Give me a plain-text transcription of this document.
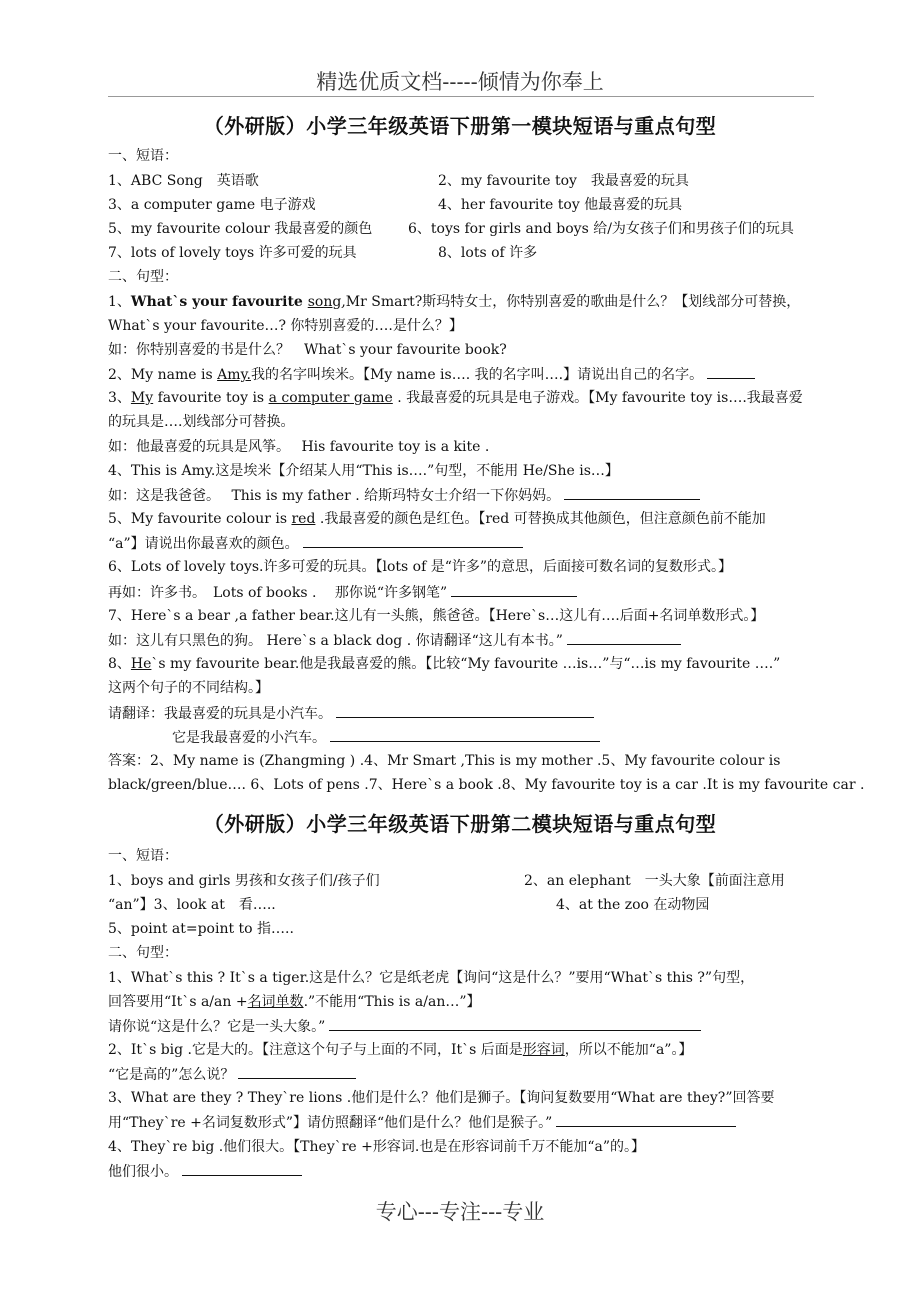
精选优质文档-----倾情为你奉上
（外研版）小学三年级英语下册第一模块短语与重点句型
一、短语：
1、ABC Song　英语歌	2、my favourite toy　我最喜爱的玩具
3、a computer game 电子游戏	4、her favourite toy 他最喜爱的玩具
5、my favourite colour 我最喜爱的颜色	6、toys for girls and boys 给/为女孩子们和男孩子们的玩具
7、lots of lovely toys 许多可爱的玩具	8、lots of 许多
二、句型：
1、What`s your favourite song,Mr Smart?斯玛特女士，你特别喜爱的歌曲是什么？【划线部分可替换，
What`s your favourite…? 你特别喜爱的….是什么？】
如：你特别喜爱的书是什么？　What`s your favourite book?
2、My name is Amy.我的名字叫埃米。【My name is…. 我的名字叫….】请说出自己的名字。
3、My favourite toy is a computer game . 我最喜爱的玩具是电子游戏。【My favourite toy is….我最喜爱
的玩具是….划线部分可替换。
如：他最喜爱的玩具是风筝。　 His favourite toy is a kite .
4、This is Amy.这是埃米【介绍某人用“This is….”句型，不能用 He/She is…】
如：这是我爸爸。　 This is my father . 给斯玛特女士介绍一下你妈妈。
5、My favourite colour is red .我最喜爱的颜色是红色。【red 可替换成其他颜色，但注意颜色前不能加
“a”】请说出你最喜欢的颜色。
6、Lots of lovely toys.许多可爱的玩具。【lots of 是“许多”的意思，后面接可数名词的复数形式。】
再如：许多书。　Lots of books .　 那你说“许多钢笔”
7、Here`s a bear ,a father bear.这儿有一头熊，熊爸爸。【Here`s…这儿有….后面+名词单数形式。】
如：这儿有只黑色的狗。 Here`s a black dog . 你请翻译“这儿有本书。”
8、He`s my favourite bear.他是我最喜爱的熊。【比较“My favourite …is…”与“…is my favourite ….”
这两个句子的不同结构。】
请翻译：我最喜爱的玩具是小汽车。
它是我最喜爱的小汽车。
答案：2、My name is (Zhangming ) .4、Mr Smart ,This is my mother .5、My favourite colour is
black/green/blue…. 6、Lots of pens .7、Here`s a book .8、My favourite toy is a car .It is my favourite car .
（外研版）小学三年级英语下册第二模块短语与重点句型
一、短语：
1、boys and girls 男孩和女孩子们/孩子们	2、an elephant　一头大象【前面注意用
“an”】3、look at　看…..	4、at the zoo 在动物园
5、point at=point to 指…..
二、句型：
1、What`s this ? It`s a tiger.这是什么？它是纸老虎【询问“这是什么？”要用“What`s this ?”句型，
回答要用“It`s a/an +名词单数.”不能用“This is a/an…”】
请你说“这是什么？它是一头大象。”
2、It`s big .它是大的。【注意这个句子与上面的不同，It`s 后面是形容词，所以不能加“a”。】
“它是高的”怎么说？
3、What are they ? They`re lions .他们是什么？他们是狮子。【询问复数要用“What are they?”回答要
用“They`re +名词复数形式”】请仿照翻译“他们是什么？他们是猴子。”
4、They`re big .他们很大。【They`re +形容词.也是在形容词前千万不能加“a”的。】
他们很小。
专心---专注---专业
